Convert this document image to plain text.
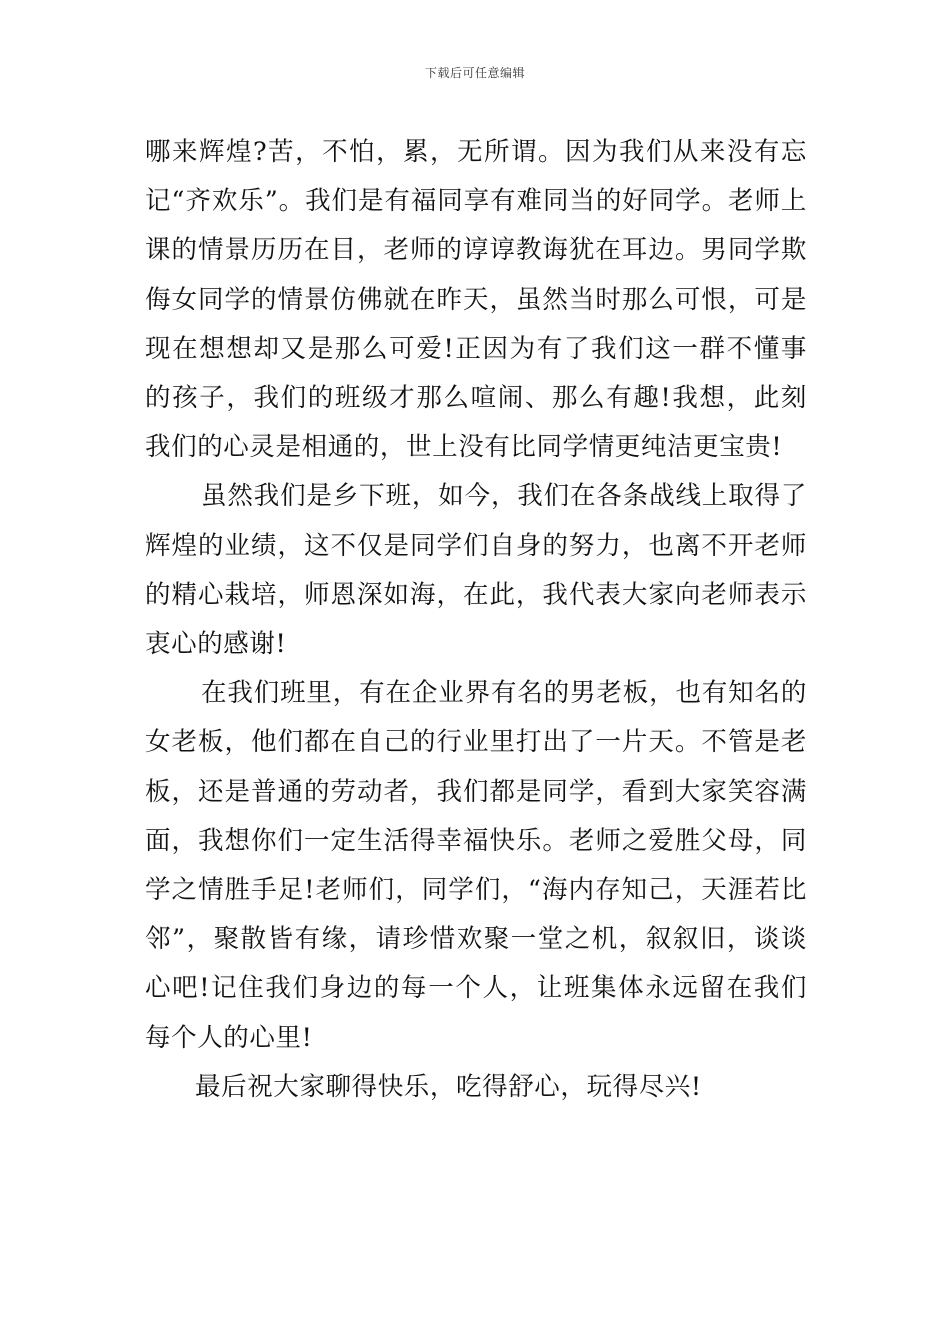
下载后可任意编辑

哪来辉煌?苦，不怕，累，无所谓。因为我们从来没有忘记“齐欢乐”。我们是有福同享有难同当的好同学。老师上课的情景历历在目，老师的谆谆教诲犹在耳边。男同学欺侮女同学的情景仿佛就在昨天，虽然当时那么可恨，可是现在想想却又是那么可爱!正因为有了我们这一群不懂事的孩子，我们的班级才那么喧闹、那么有趣!我想，此刻我们的心灵是相通的，世上没有比同学情更纯洁更宝贵!

虽然我们是乡下班，如今，我们在各条战线上取得了辉煌的业绩，这不仅是同学们自身的努力，也离不开老师的精心栽培，师恩深如海，在此，我代表大家向老师表示衷心的感谢!

在我们班里，有在企业界有名的男老板，也有知名的女老板，他们都在自己的行业里打出了一片天。不管是老板，还是普通的劳动者，我们都是同学，看到大家笑容满面，我想你们一定生活得幸福快乐。老师之爱胜父母，同学之情胜手足!老师们，同学们，“海内存知己，天涯若比邻”，聚散皆有缘，请珍惜欢聚一堂之机，叙叙旧，谈谈心吧!记住我们身边的每一个人，让班集体永远留在我们每个人的心里!

最后祝大家聊得快乐，吃得舒心，玩得尽兴!
